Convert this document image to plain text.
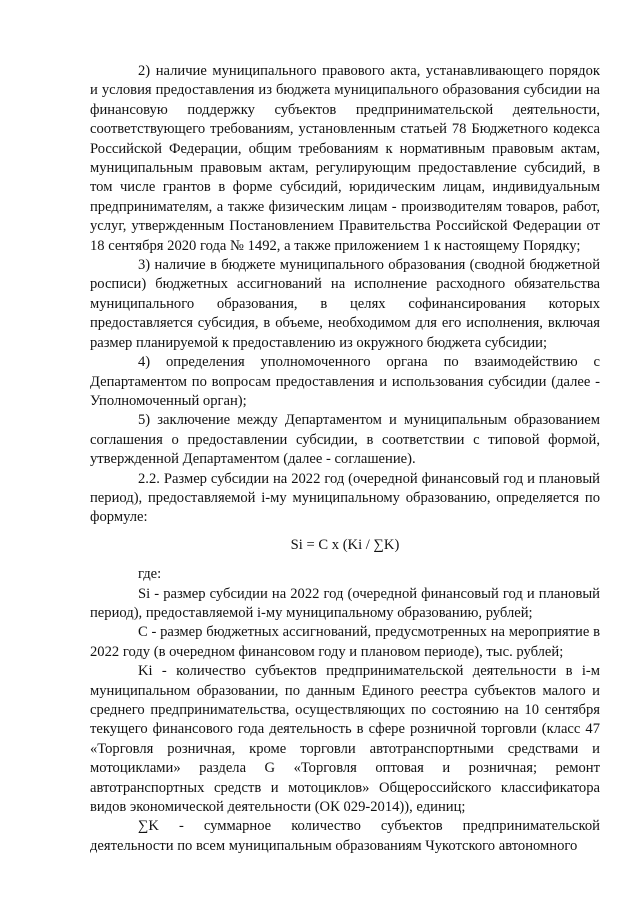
2) наличие муниципального правового акта, устанавливающего порядок и условия предоставления из бюджета муниципального образования субсидии на финансовую поддержку субъектов предпринимательской деятельности, соответствующего требованиям, установленным статьей 78 Бюджетного кодекса Российской Федерации, общим требованиям к нормативным правовым актам, муниципальным правовым актам, регулирующим предоставление субсидий, в том числе грантов в форме субсидий, юридическим лицам, индивидуальным предпринимателям, а также физическим лицам - производителям товаров, работ, услуг, утвержденным Постановлением Правительства Российской Федерации от 18 сентября 2020 года № 1492, а также приложением 1 к настоящему Порядку;

3) наличие в бюджете муниципального образования (сводной бюджетной росписи) бюджетных ассигнований на исполнение расходного обязательства муниципального образования, в целях софинансирования которых предоставляется субсидия, в объеме, необходимом для его исполнения, включая размер планируемой к предоставлению из окружного бюджета субсидии;

4) определения уполномоченного органа по взаимодействию с Департаментом по вопросам предоставления и использования субсидии (далее - Уполномоченный орган);

5) заключение между Департаментом и муниципальным образованием соглашения о предоставлении субсидии, в соответствии с типовой формой, утвержденной Департаментом (далее - соглашение).

2.2. Размер субсидии на 2022 год (очередной финансовый год и плановый период), предоставляемой i-му муниципальному образованию, определяется по формуле:

Si = C x (Ki / ∑K)

где:

Si - размер субсидии на 2022 год (очередной финансовый год и плановый период), предоставляемой i-му муниципальному образованию, рублей;

C - размер бюджетных ассигнований, предусмотренных на мероприятие в 2022 году (в очередном финансовом году и плановом периоде), тыс. рублей;

Ki - количество субъектов предпринимательской деятельности в i-м муниципальном образовании, по данным Единого реестра субъектов малого и среднего предпринимательства, осуществляющих по состоянию на 10 сентября текущего финансового года деятельность в сфере розничной торговли (класс 47 «Торговля розничная, кроме торговли автотранспортными средствами и мотоциклами» раздела G «Торговля оптовая и розничная; ремонт автотранспортных средств и мотоциклов» Общероссийского классификатора видов экономической деятельности (ОК 029-2014)), единиц;

∑K - суммарное количество субъектов предпринимательской деятельности по всем муниципальным образованиям Чукотского автономного
